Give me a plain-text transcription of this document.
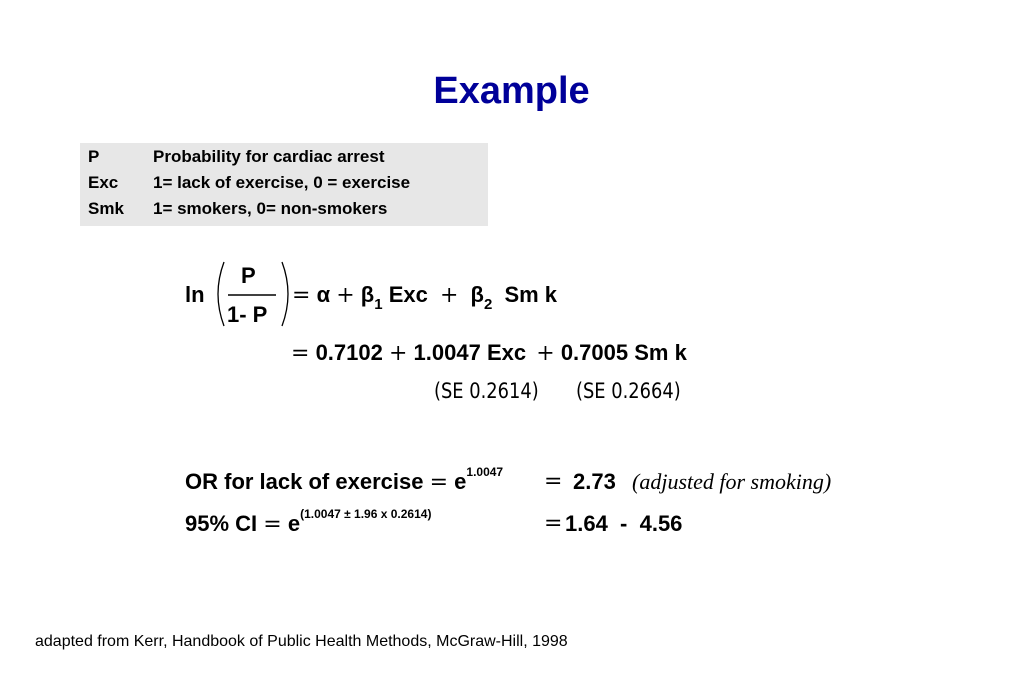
Example
P	Probability for cardiac arrest
Exc 1= lack of exercise, 0 = exercise
Smk 1= smokers, 0= non-smokers
ln
P
1- P
= $\alpha + \beta_1$ Exc + $\beta_2$ Sm k
= 0.7102 + 1.0047 Exc + 0.7005 Sm k
(SE 0.2614) (SE 0.2664)
OR for lack of exercise = $e^{1.0047} = 2.73$ (adjusted for smoking)
95% CI = $e^{(1.0047 \pm 1.96 x 0.2614)}$	= 1.64  -  4.56
adapted from Kerr, Handbook of Public Health Methods, McGraw-Hill, 1998
